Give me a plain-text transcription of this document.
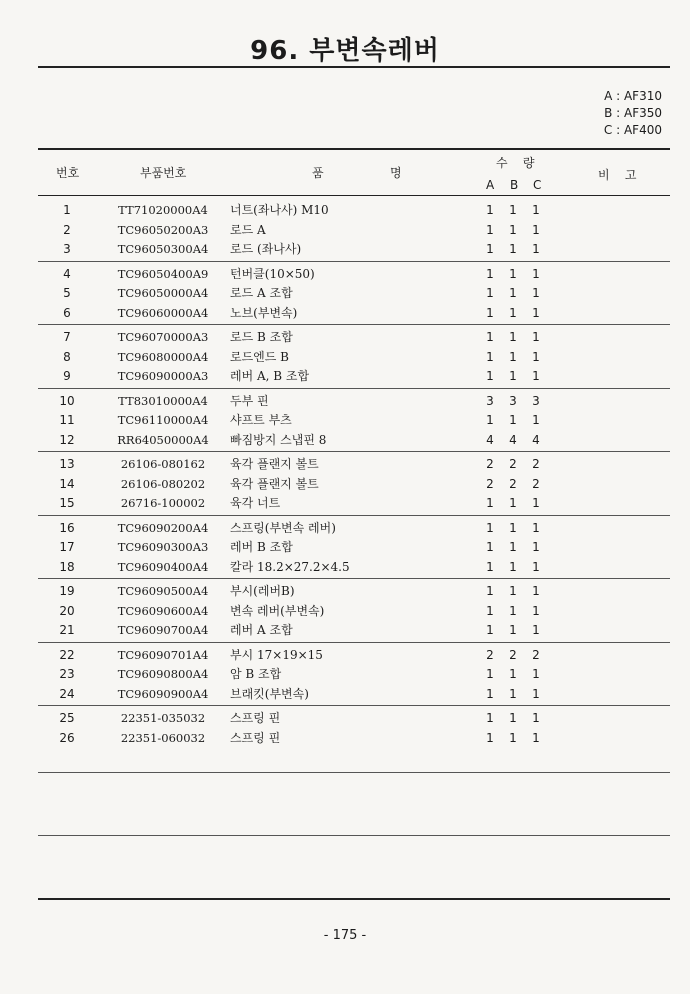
96. 부변속레버
A : AF310
B : AF350
C : AF400
번호	부품번호	품	명
수    량
A B C
비    고
1	TT71020000A4	너트(좌나사) M10	1	1	1
2	TC96050200A3	로드 A	1	1	1
3	TC96050300A4	로드 (좌나사)	1	1	1
4	TC96050400A9	턴버클(10×50)	1	1	1
5	TC96050000A4	로드 A 조합	1	1	1
6	TC96060000A4	노브(부변속)	1	1	1
7	TC96070000A3	로드 B 조합	1	1	1
8	TC96080000A4	로드엔드 B	1	1	1
9	TC96090000A3	레버 A, B 조합	1	1	1
10	TT83010000A4	두부 핀	3	3	3
11	TC96110000A4	샤프트 부츠	1	1	1
12	RR64050000A4	빠짐방지 스냅핀 8	4	4	4
13	26106-080162	육각 플랜지 볼트	2	2	2
14	26106-080202	육각 플랜지 볼트	2	2	2
15	26716-100002	육각 너트	1	1	1
16	TC96090200A4	스프링(부변속 레버)	1	1	1
17	TC96090300A3	레버 B 조합	1	1	1
18	TC96090400A4	칼라 18.2×27.2×4.5	1	1	1
19	TC96090500A4	부시(레버B)	1	1	1
20	TC96090600A4	변속 레버(부변속)	1	1	1
21	TC96090700A4	레버 A 조합	1	1	1
22	TC96090701A4	부시 17×19×15	2	2	2
23	TC96090800A4	암 B 조합	1	1	1
24	TC96090900A4	브래킷(부변속)	1	1	1
25	22351-035032	스프링 핀	1	1	1
26	22351-060032	스프링 핀	1	1	1
- 175 -
